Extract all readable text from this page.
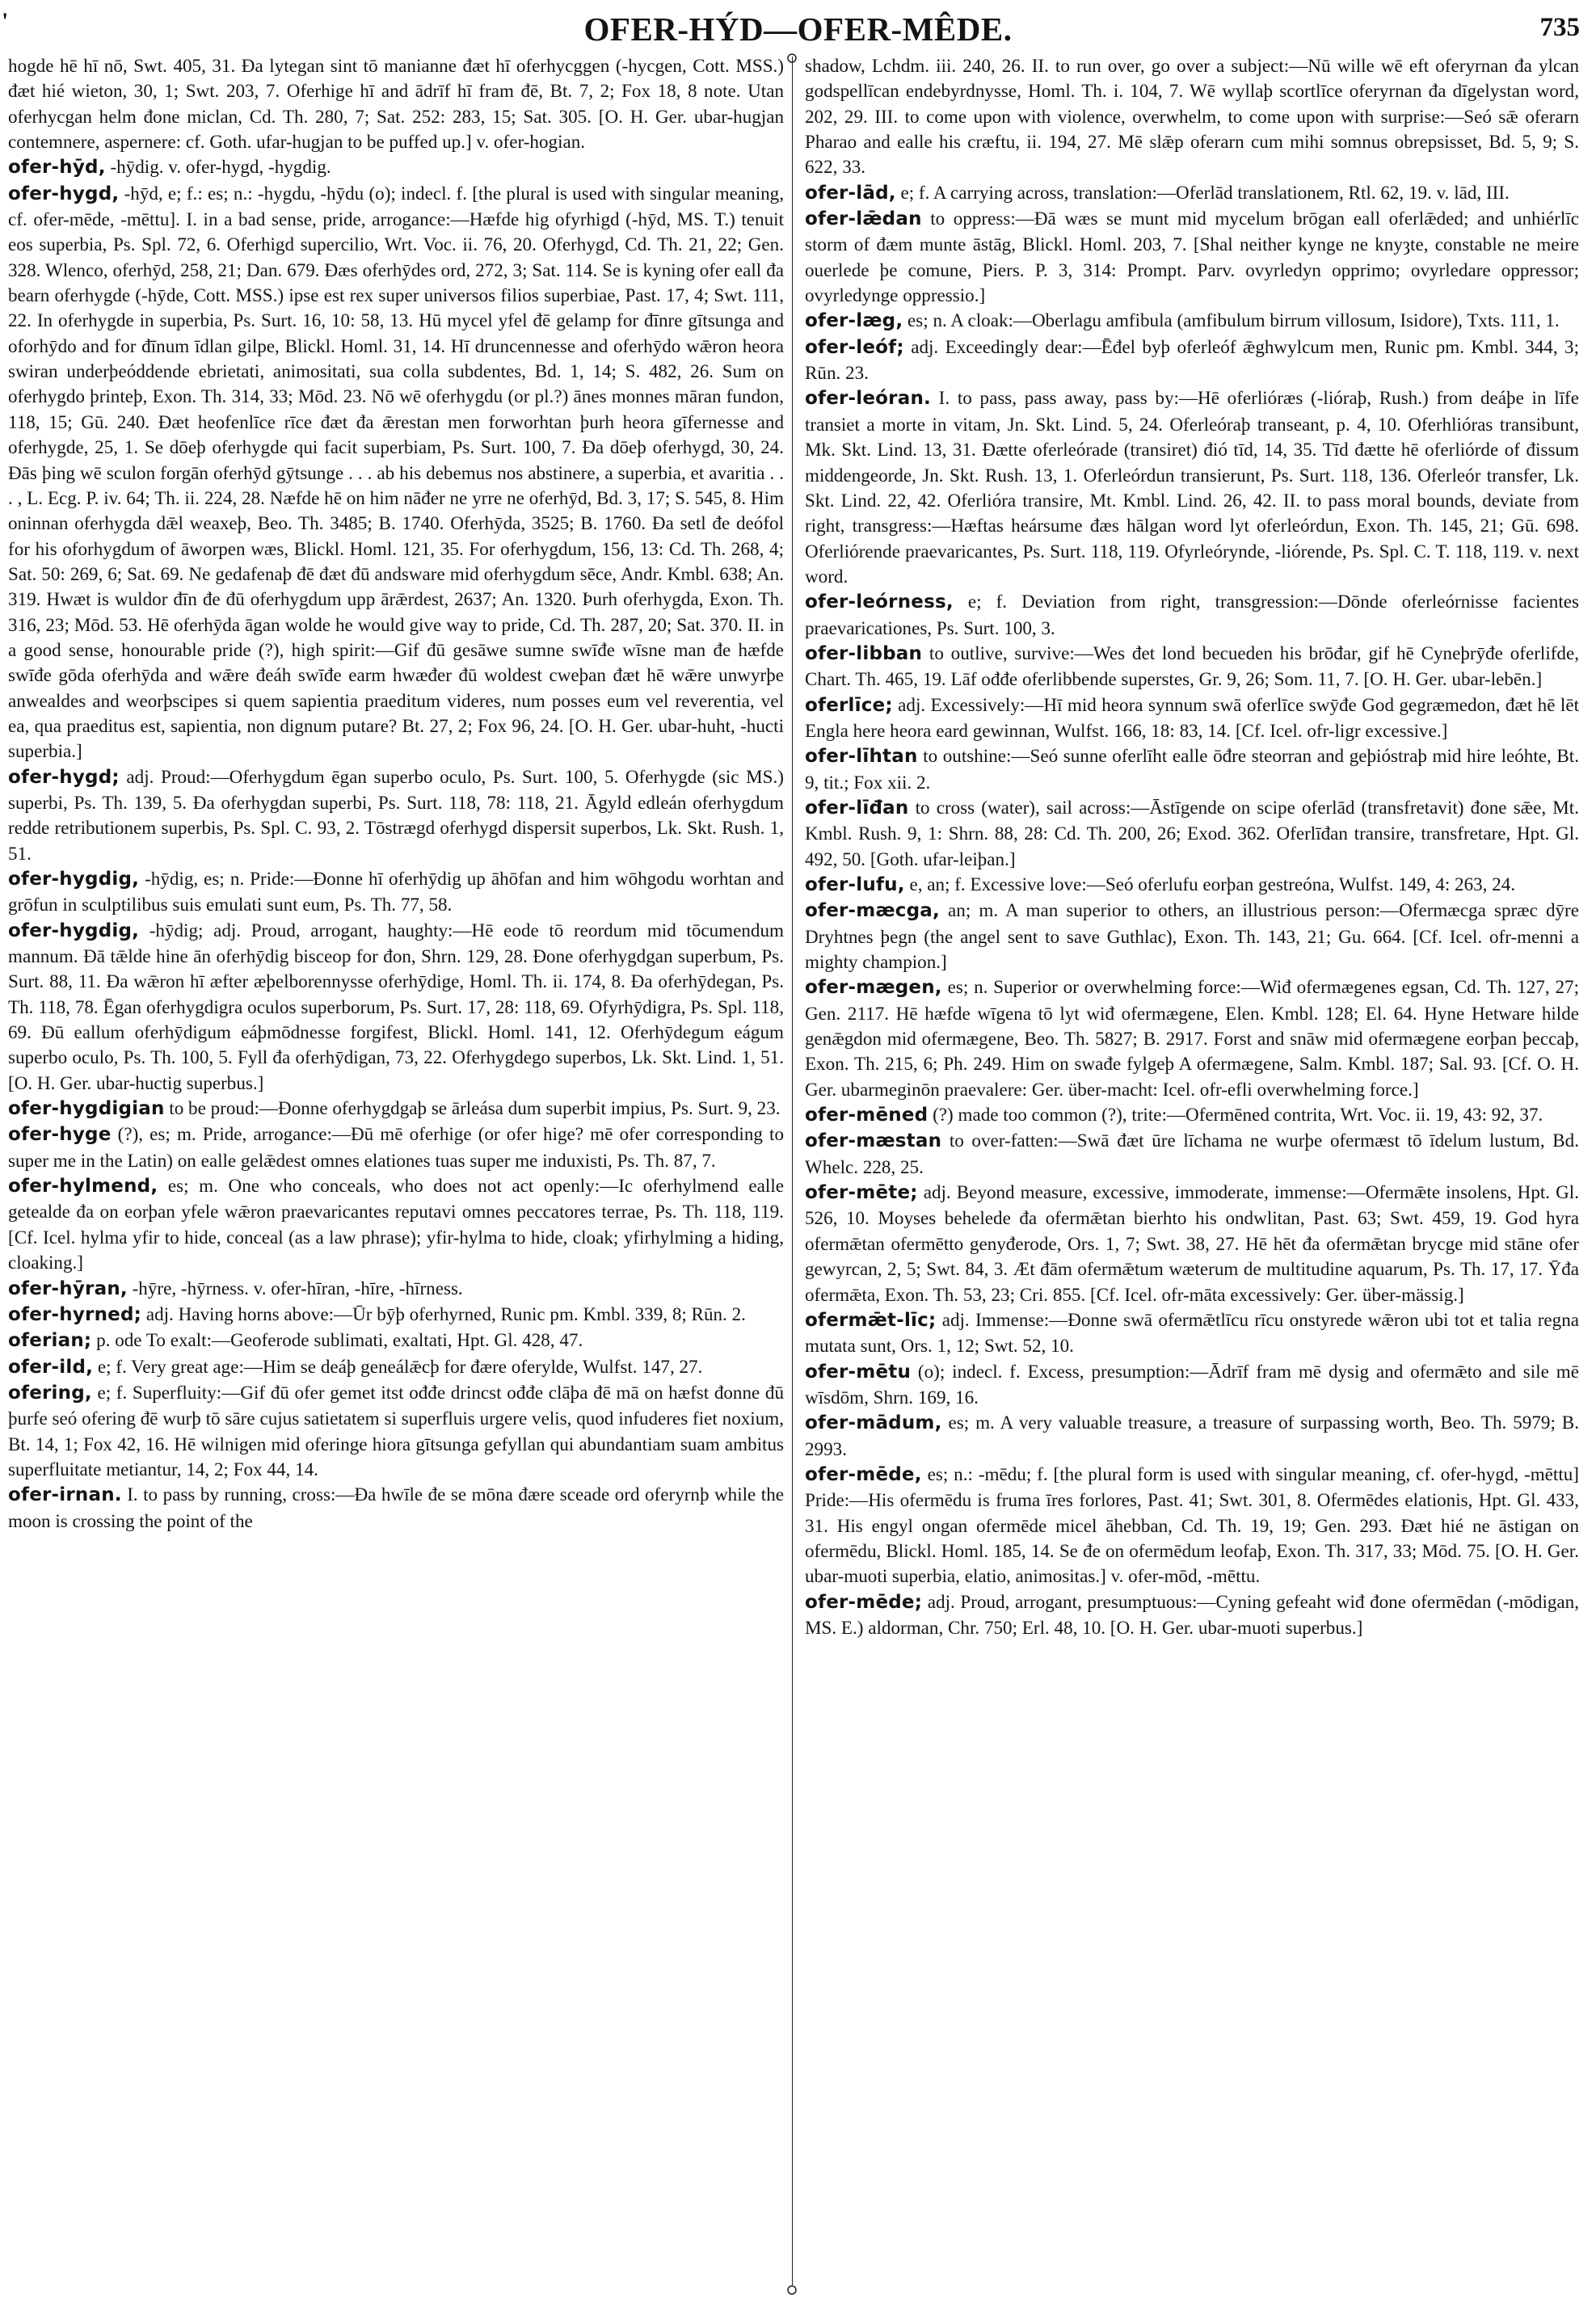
'	OFER-HÝD—OFER-MÊDE.	735

hogde hē hī nō, Swt. 405, 31. Đa lytegan sint tō manianne đæt hī oferhycggen (-hycgen, Cott. MSS.) đæt hié wieton, 30, 1; Swt. 203, 7. Oferhige hī and ādrīf hī fram đē, Bt. 7, 2; Fox 18, 8 note. Utan oferhycgan helm đone miclan, Cd. Th. 280, 7; Sat. 252: 283, 15; Sat. 305. [O. H. Ger. ubar-hugjan contemnere, aspernere: cf. Goth. ufar-hugjan to be puffed up.] v. ofer-hogian.

ofer-hȳd, -hȳdig. v. ofer-hygd, -hygdig.

ofer-hygd, -hȳd, e; f.: es; n.: -hygdu, -hȳdu (o); indecl. f. [the plural is used with singular meaning, cf. ofer-mēde, -mēttu]. I. in a bad sense, pride, arrogance:—Hæfde hig ofyrhigd (-hȳd, MS. T.) tenuit eos superbia, Ps. Spl. 72, 6. Oferhigd supercilio, Wrt. Voc. ii. 76, 20. Oferhygd, Cd. Th. 21, 22; Gen. 328. Wlenco, oferhȳd, 258, 21; Dan. 679. Đæs oferhȳdes ord, 272, 3; Sat. 114. Se is kyning ofer eall đa bearn oferhygde (-hȳde, Cott. MSS.) ipse est rex super universos filios superbiae, Past. 17, 4; Swt. 111, 22. In oferhygde in superbia, Ps. Surt. 16, 10: 58, 13. Hū mycel yfel đē gelamp for đīnre gītsunga and oforhȳdo and for đīnum īdlan gilpe, Blickl. Homl. 31, 14. Hī druncennesse and oferhȳdo wǣron heora swiran underþeóddende ebrietati, animositati, sua colla subdentes, Bd. 1, 14; S. 482, 26. Sum on oferhygdo þrinteþ, Exon. Th. 314, 33; Mōd. 23. Nō wē oferhygdu (or pl.?) ānes monnes māran fundon, 118, 15; Gū. 240. Đæt heofenlīce rīce đæt đa ǣrestan men forworhtan þurh heora gīfernesse and oferhygde, 25, 1. Se dōeþ oferhygde qui facit superbiam, Ps. Surt. 100, 7. Đa dōeþ oferhygd, 30, 24. Đās þing wē sculon forgān oferhȳd gȳtsunge . . . ab his debemus nos abstinere, a superbia, et avaritia . . . , L. Ecg. P. iv. 64; Th. ii. 224, 28. Næfde hē on him nāđer ne yrre ne oferhȳd, Bd. 3, 17; S. 545, 8. Him oninnan oferhygda dǣl weaxeþ, Beo. Th. 3485; B. 1740. Oferhȳda, 3525; B. 1760. Đa setl đe deófol for his oforhygdum of āworpen wæs, Blickl. Homl. 121, 35. For oferhygdum, 156, 13: Cd. Th. 268, 4; Sat. 50: 269, 6; Sat. 69. Ne gedafenaþ đē đæt đū andsware mid oferhygdum sēce, Andr. Kmbl. 638; An. 319. Hwæt is wuldor đīn đe đū oferhygdum upp ārǣrdest, 2637; An. 1320. Þurh oferhygda, Exon. Th. 316, 23; Mōd. 53. Hē oferhȳda āgan wolde he would give way to pride, Cd. Th. 287, 20; Sat. 370. II. in a good sense, honourable pride (?), high spirit:—Gif đū gesāwe sumne swīđe wīsne man đe hæfde swīđe gōda oferhȳda and wǣre đeáh swīđe earm hwæđer đū woldest cweþan đæt hē wǣre unwyrþe anwealdes and weorþscipes si quem sapientia praeditum videres, num posses eum vel reverentia, vel ea, qua praeditus est, sapientia, non dignum putare? Bt. 27, 2; Fox 96, 24. [O. H. Ger. ubar-huht, -hucti superbia.]

ofer-hygd; adj. Proud:—Oferhygdum ēgan superbo oculo, Ps. Surt. 100, 5. Oferhygde (sic MS.) superbi, Ps. Th. 139, 5. Đa oferhygdan superbi, Ps. Surt. 118, 78: 118, 21. Āgyld edleán oferhygdum redde retributionem superbis, Ps. Spl. C. 93, 2. Tōstrægd oferhygd dispersit superbos, Lk. Skt. Rush. 1, 51.

ofer-hygdig, -hȳdig, es; n. Pride:—Đonne hī oferhȳdig up āhōfan and him wōhgodu worhtan and grōfun in sculptilibus suis emulati sunt eum, Ps. Th. 77, 58.

ofer-hygdig, -hȳdig; adj. Proud, arrogant, haughty:—Hē eode tō reordum mid tōcumendum mannum. Đā tǣlde hine ān oferhȳdig bisceop for đon, Shrn. 129, 28. Đone oferhygdgan superbum, Ps. Surt. 88, 11. Đa wǣron hī æfter æþelborennysse oferhȳdige, Homl. Th. ii. 174, 8. Đa oferhȳdegan, Ps. Th. 118, 78. Ēgan oferhygdigra oculos superborum, Ps. Surt. 17, 28: 118, 69. Ofyrhȳdigra, Ps. Spl. 118, 69. Đū eallum oferhȳdigum eáþmōdnesse forgifest, Blickl. Homl. 141, 12. Oferhȳdegum eágum superbo oculo, Ps. Th. 100, 5. Fyll đa oferhȳdigan, 73, 22. Oferhygdego superbos, Lk. Skt. Lind. 1, 51. [O. H. Ger. ubar-huctig superbus.]

ofer-hygdigian to be proud:—Đonne oferhygdgaþ se ārleása dum superbit impius, Ps. Surt. 9, 23.

ofer-hyge (?), es; m. Pride, arrogance:—Đū mē oferhige (or ofer hige? mē ofer corresponding to super me in the Latin) on ealle gelǣdest omnes elationes tuas super me induxisti, Ps. Th. 87, 7.

ofer-hylmend, es; m. One who conceals, who does not act openly:—Ic oferhylmend ealle getealde đa on eorþan yfele wǣron praevaricantes reputavi omnes peccatores terrae, Ps. Th. 118, 119. [Cf. Icel. hylma yfir to hide, conceal (as a law phrase); yfir-hylma to hide, cloak; yfirhylming a hiding, cloaking.]

ofer-hȳran, -hȳre, -hȳrness. v. ofer-hīran, -hīre, -hīrness.

ofer-hyrned; adj. Having horns above:—Ūr bȳþ oferhyrned, Runic pm. Kmbl. 339, 8; Rūn. 2.

oferian; p. ode To exalt:—Geoferode sublimati, exaltati, Hpt. Gl. 428, 47.

ofer-ild, e; f. Very great age:—Him se deáþ geneálǣcþ for đære oferylde, Wulfst. 147, 27.

ofering, e; f. Superfluity:—Gif đū ofer gemet itst ođđe drincst ođđe clāþa đē mā on hæfst đonne đū þurfe seó ofering đē wurþ tō sāre cujus satietatem si superfluis urgere velis, quod infuderes fiet noxium, Bt. 14, 1; Fox 42, 16. Hē wilnigen mid oferinge hiora gītsunga gefyllan qui abundantiam suam ambitus superfluitate metiantur, 14, 2; Fox 44, 14.

ofer-irnan. I. to pass by running, cross:—Đa hwīle đe se mōna đære sceade ord oferyrnþ while the moon is crossing the point of the

shadow, Lchdm. iii. 240, 26. II. to run over, go over a subject:—Nū wille wē eft oferyrnan đa ylcan godspellīcan endebyrdnysse, Homl. Th. i. 104, 7. Wē wyllaþ scortlīce oferyrnan đa dīgelystan word, 202, 29. III. to come upon with violence, overwhelm, to come upon with surprise:—Seó sǣ oferarn Pharao and ealle his cræftu, ii. 194, 27. Mē slǣp oferarn cum mihi somnus obrepsisset, Bd. 5, 9; S. 622, 33.

ofer-lād, e; f. A carrying across, translation:—Oferlād translationem, Rtl. 62, 19. v. lād, III.

ofer-lǣdan to oppress:—Đā wæs se munt mid mycelum brōgan eall oferlǣded; and unhiérlīc storm of đæm munte āstāg, Blickl. Homl. 203, 7. [Shal neither kynge ne knyȝte, constable ne meire ouerlede þe comune, Piers. P. 3, 314: Prompt. Parv. ovyrledyn opprimo; ovyrledare oppressor; ovyrledynge oppressio.]

ofer-læg, es; n. A cloak:—Oberlagu amfibula (amfibulum birrum villosum, Isidore), Txts. 111, 1.

ofer-leóf; adj. Exceedingly dear:—Ēđel byþ oferleóf ǣghwylcum men, Runic pm. Kmbl. 344, 3; Rūn. 23.

ofer-leóran. I. to pass, pass away, pass by:—Hē oferlióræs (-lióraþ, Rush.) from deáþe in līfe transiet a morte in vitam, Jn. Skt. Lind. 5, 24. Oferleóraþ transeant, p. 4, 10. Oferhlióras transibunt, Mk. Skt. Lind. 13, 31. Đætte oferleórade (transiret) đió tīd, 14, 35. Tīd đætte hē oferliórde of đissum middengeorde, Jn. Skt. Rush. 13, 1. Oferleórdun transierunt, Ps. Surt. 118, 136. Oferleór transfer, Lk. Skt. Lind. 22, 42. Oferlióra transire, Mt. Kmbl. Lind. 26, 42. II. to pass moral bounds, deviate from right, transgress:—Hæftas heársume đæs hālgan word lyt oferleórdun, Exon. Th. 145, 21; Gū. 698. Oferliórende praevaricantes, Ps. Surt. 118, 119. Ofyrleórynde, -liórende, Ps. Spl. C. T. 118, 119. v. next word.

ofer-leórness, e; f. Deviation from right, transgression:—Dōnde oferleórnisse facientes praevaricationes, Ps. Surt. 100, 3.

ofer-libban to outlive, survive:—Wes đet lond becueden his brōđar, gif hē Cyneþrȳđe oferlifde, Chart. Th. 465, 19. Lāf ođđe oferlibbende superstes, Gr. 9, 26; Som. 11, 7. [O. H. Ger. ubar-lebēn.]

oferlīce; adj. Excessively:—Hī mid heora synnum swā oferlīce swȳđe God gegræmedon, đæt hē lēt Engla here heora eard gewinnan, Wulfst. 166, 18: 83, 14. [Cf. Icel. ofr-ligr excessive.]

ofer-līhtan to outshine:—Seó sunne oferlīht ealle ōđre steorran and geþióstraþ mid hire leóhte, Bt. 9, tit.; Fox xii. 2.

ofer-līđan to cross (water), sail across:—Āstīgende on scipe oferlād (transfretavit) đone sǣe, Mt. Kmbl. Rush. 9, 1: Shrn. 88, 28: Cd. Th. 200, 26; Exod. 362. Oferlīđan transire, transfretare, Hpt. Gl. 492, 50. [Goth. ufar-leiþan.]

ofer-lufu, e, an; f. Excessive love:—Seó oferlufu eorþan gestreóna, Wulfst. 149, 4: 263, 24.

ofer-mæcga, an; m. A man superior to others, an illustrious person:—Ofermæcga spræc dȳre Dryhtnes þegn (the angel sent to save Guthlac), Exon. Th. 143, 21; Gu. 664. [Cf. Icel. ofr-menni a mighty champion.]

ofer-mægen, es; n. Superior or overwhelming force:—Wiđ ofermægenes egsan, Cd. Th. 127, 27; Gen. 2117. Hē hæfde wīgena tō lyt wiđ ofermægene, Elen. Kmbl. 128; El. 64. Hyne Hetware hilde genǣgdon mid ofermægene, Beo. Th. 5827; B. 2917. Forst and snāw mid ofermægene eorþan þeccaþ, Exon. Th. 215, 6; Ph. 249. Him on swađe fylgeþ A ofermægene, Salm. Kmbl. 187; Sal. 93. [Cf. O. H. Ger. ubarmeginōn praevalere: Ger. über-macht: Icel. ofr-efli overwhelming force.]

ofer-mēned (?) made too common (?), trite:—Ofermēned contrita, Wrt. Voc. ii. 19, 43: 92, 37.

ofer-mæstan to over-fatten:—Swā đæt ūre līchama ne wurþe ofermæst tō īdelum lustum, Bd. Whelc. 228, 25.

ofer-mēte; adj. Beyond measure, excessive, immoderate, immense:—Ofermǣte insolens, Hpt. Gl. 526, 10. Moyses behelede đa ofermǣtan bierhto his ondwlitan, Past. 63; Swt. 459, 19. God hyra ofermǣtan ofermētto genyđerode, Ors. 1, 7; Swt. 38, 27. Hē hēt đa ofermǣtan brycge mid stāne ofer gewyrcan, 2, 5; Swt. 84, 3. Æt đām ofermǣtum wæterum de multitudine aquarum, Ps. Th. 17, 17. Ȳđa ofermǣta, Exon. Th. 53, 23; Cri. 855. [Cf. Icel. ofr-māta excessively: Ger. über-mässig.]

ofermǣt-līc; adj. Immense:—Đonne swā ofermǣtlīcu rīcu onstyrede wǣron ubi tot et talia regna mutata sunt, Ors. 1, 12; Swt. 52, 10.

ofer-mētu (o); indecl. f. Excess, presumption:—Ādrīf fram mē dysig and ofermǣto and sile mē wīsdōm, Shrn. 169, 16.

ofer-mādum, es; m. A very valuable treasure, a treasure of surpassing worth, Beo. Th. 5979; B. 2993.

ofer-mēde, es; n.: -mēdu; f. [the plural form is used with singular meaning, cf. ofer-hygd, -mēttu] Pride:—His ofermēdu is fruma īres forlores, Past. 41; Swt. 301, 8. Ofermēdes elationis, Hpt. Gl. 433, 31. His engyl ongan ofermēde micel āhebban, Cd. Th. 19, 19; Gen. 293. Đæt hié ne āstigan on ofermēdu, Blickl. Homl. 185, 14. Se đe on ofermēdum leofaþ, Exon. Th. 317, 33; Mōd. 75. [O. H. Ger. ubar-muoti superbia, elatio, animositas.] v. ofer-mōd, -mēttu.

ofer-mēde; adj. Proud, arrogant, presumptuous:—Cyning gefeaht wiđ đone ofermēdan (-mōdigan, MS. E.) aldorman, Chr. 750; Erl. 48, 10. [O. H. Ger. ubar-muoti superbus.]
